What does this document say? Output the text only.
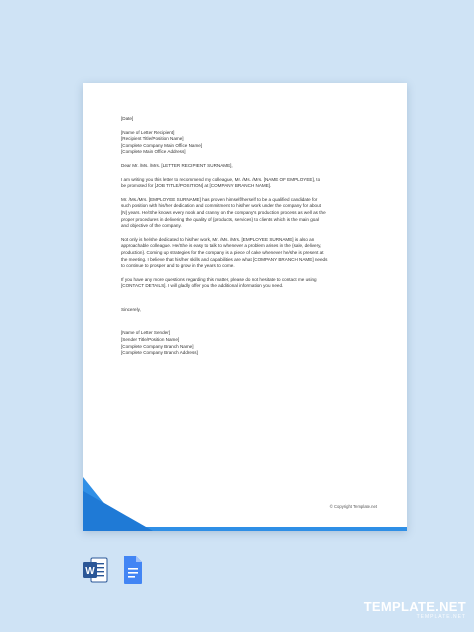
[Date]
[Name of Letter Recipient]
[Recipient Title/Position Name]
[Complete Company Main Office Name]
[Complete Main Office Address]
Dear Mr. /Ms. /Mrs. [LETTER RECIPIENT SURNAME],
I am writing you this letter to recommend my colleague, Mr. /Ms. /Mrs. [NAME OF EMPLOYEE], to
be promoted for [JOB TITLE/POSITION] at [COMPANY BRANCH NAME].
Mr. /Ms./Mrs. [EMPLOYEE SURNAME] has proven himself/herself to be a qualified candidate for
such position with his/her dedication and commitment to his/her work under the company for about
[N] years. He/She knows every nook and cranny on the company's production process as well as the
proper procedures in delivering the quality of {products, services} to clients which is the main goal
and objective of the company.
Not only is he/she dedicated to his/her work, Mr. /Ms. /Mrs. [EMPLOYEE SURNAME] is also an
approachable colleague. He/She is easy to talk to whenever a problem arises in the {sale, delivery,
production}. Coming up strategies for the company is a piece of cake whenever he/she is present at
the meeting. I believe that his/her skills and capabilities are what [COMPANY BRANCH NAME] needs
to continue to prosper and to grow in the years to come.
If you have any more questions regarding this matter, please do not hesitate to contact me using
[CONTACT DETAILS]. I will gladly offer you the additional information you need.
Sincerely,
[Name of Letter Sender]
[Sender Title/Position Name]
[Complete Company Branch Name]
[Complete Company Branch Address]
© Copyright Template.net
W
TEMPLATE.NET
TEMPLATE.NET
